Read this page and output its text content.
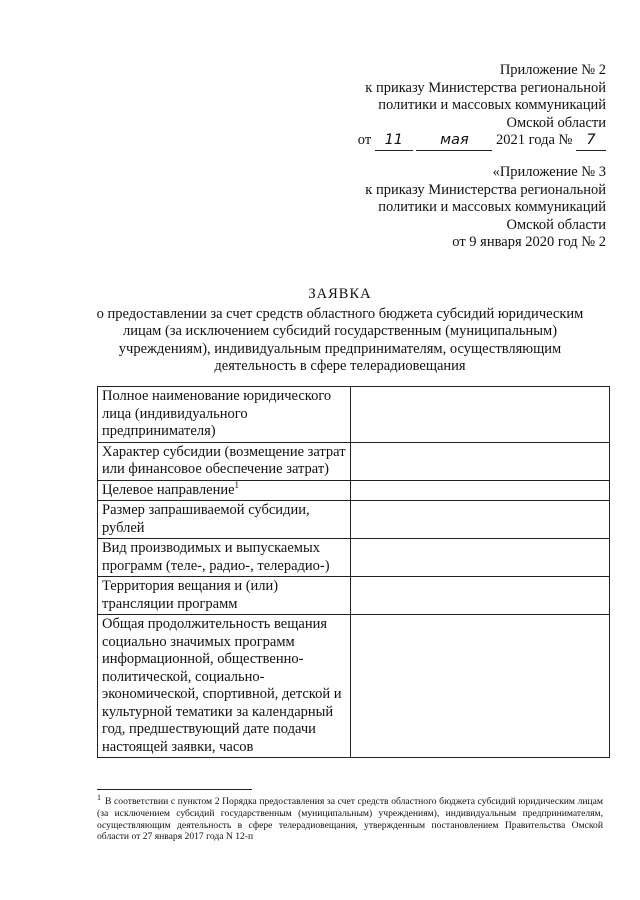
Приложение № 2
к приказу Министерства региональной
политики и массовых коммуникаций
Омской области
от 11	мая 2021 года № 7
«Приложение № 3
к приказу Министерства региональной
политики и массовых коммуникаций
Омской области
от 9 января 2020 год № 2
ЗАЯВКА
о предоставлении за счет средств областного бюджета субсидий юридическим
лицам (за исключением субсидий государственным (муниципальным)
учреждениям), индивидуальным предпринимателям, осуществляющим
деятельность в сфере телерадиовещания
Полное наименование юридического лица (индивидуального предпринимателя)	
Характер субсидии (возмещение затрат или финансовое обеспечение затрат)	
Целевое направление$^1$	
Размер запрашиваемой субсидии, рублей	
Вид производимых и выпускаемых программ (теле-, радио-, телерадио-)	
Территория вещания и (или) трансляции программ	
Общая продолжительность вещания социально значимых программ информационной, общественно-политической, социально-экономической, спортивной, детской и культурной тематики за календарный год, предшествующий дате подачи настоящей заявки, часов	
$^1$ В соответствии с пунктом 2 Порядка предоставления за счет средств областного бюджета субсидий юридическим лицам (за исключением субсидий государственным (муниципальным) учреждениям), индивидуальным предпринимателям, осуществляющим деятельность в сфере телерадиовещания, утвержденным постановлением Правительства Омской области от 27 января 2017 года N 12-п
